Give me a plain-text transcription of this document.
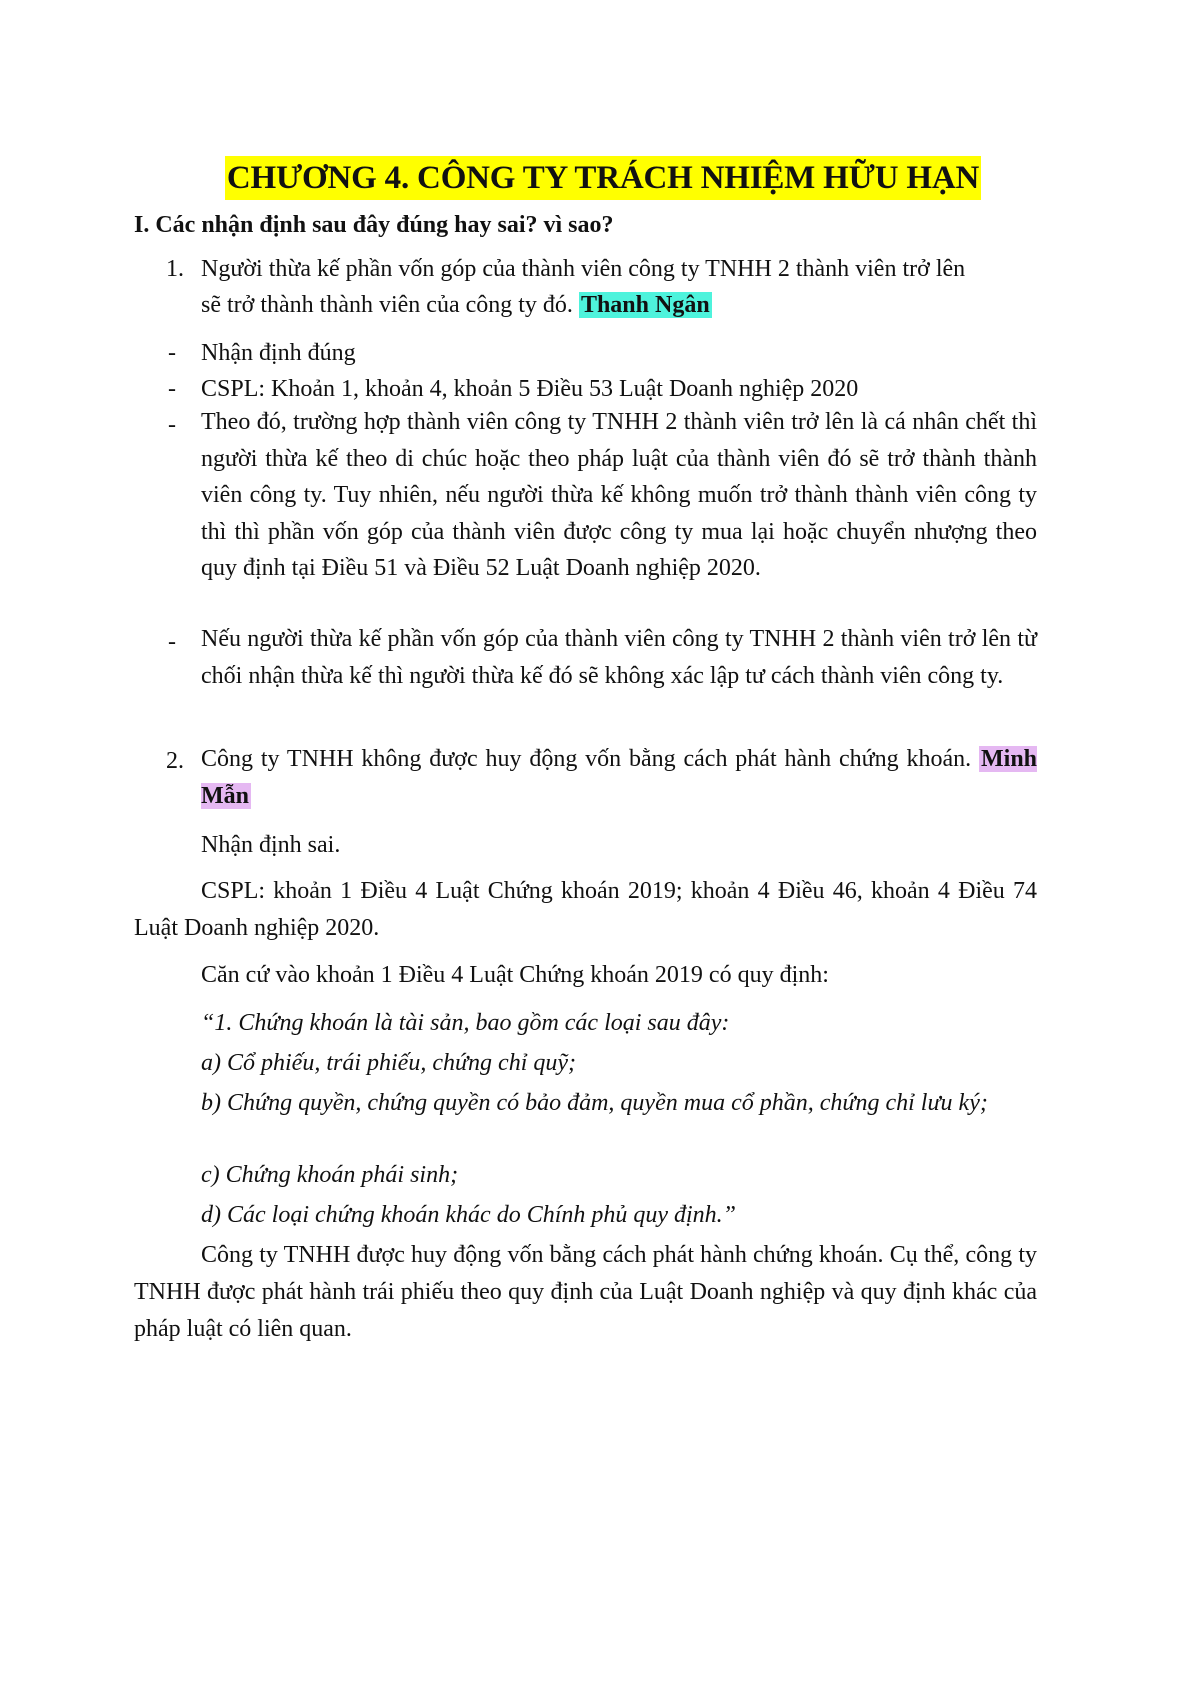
CHƯƠNG 4. CÔNG TY TRÁCH NHIỆM HỮU HẠN
I. Các nhận định sau đây đúng hay sai? vì sao?
1. Người thừa kế phần vốn góp của thành viên công ty TNHH 2 thành viên trở lên
sẽ trở thành thành viên của công ty đó. Thanh Ngân
- Nhận định đúng
- CSPL: Khoản 1, khoản 4, khoản 5 Điều 53 Luật Doanh nghiệp 2020
- Theo đó, trường hợp thành viên công ty TNHH 2 thành viên trở lên là cá nhân chết thì người thừa kế theo di chúc hoặc theo pháp luật của thành viên đó sẽ trở thành thành viên công ty. Tuy nhiên, nếu người thừa kế không muốn trở thành thành viên công ty thì thì phần vốn góp của thành viên được công ty mua lại hoặc chuyển nhượng theo quy định tại Điều 51 và Điều 52 Luật Doanh nghiệp 2020.
- Nếu người thừa kế phần vốn góp của thành viên công ty TNHH 2 thành viên trở lên từ chối nhận thừa kế thì người thừa kế đó sẽ không xác lập tư cách thành viên công ty.
2. Công ty TNHH không được huy động vốn bằng cách phát hành chứng khoán. Minh Mẫn
Nhận định sai.
CSPL: khoản 1 Điều 4 Luật Chứng khoán 2019; khoản 4 Điều 46, khoản 4 Điều 74 Luật Doanh nghiệp 2020.
Căn cứ vào khoản 1 Điều 4 Luật Chứng khoán 2019 có quy định:
“1. Chứng khoán là tài sản, bao gồm các loại sau đây:
a) Cổ phiếu, trái phiếu, chứng chỉ quỹ;
b) Chứng quyền, chứng quyền có bảo đảm, quyền mua cổ phần, chứng chỉ lưu ký;
c) Chứng khoán phái sinh;
d) Các loại chứng khoán khác do Chính phủ quy định.”
Công ty TNHH được huy động vốn bằng cách phát hành chứng khoán. Cụ thể, công ty TNHH được phát hành trái phiếu theo quy định của Luật Doanh nghiệp và quy định khác của pháp luật có liên quan.
